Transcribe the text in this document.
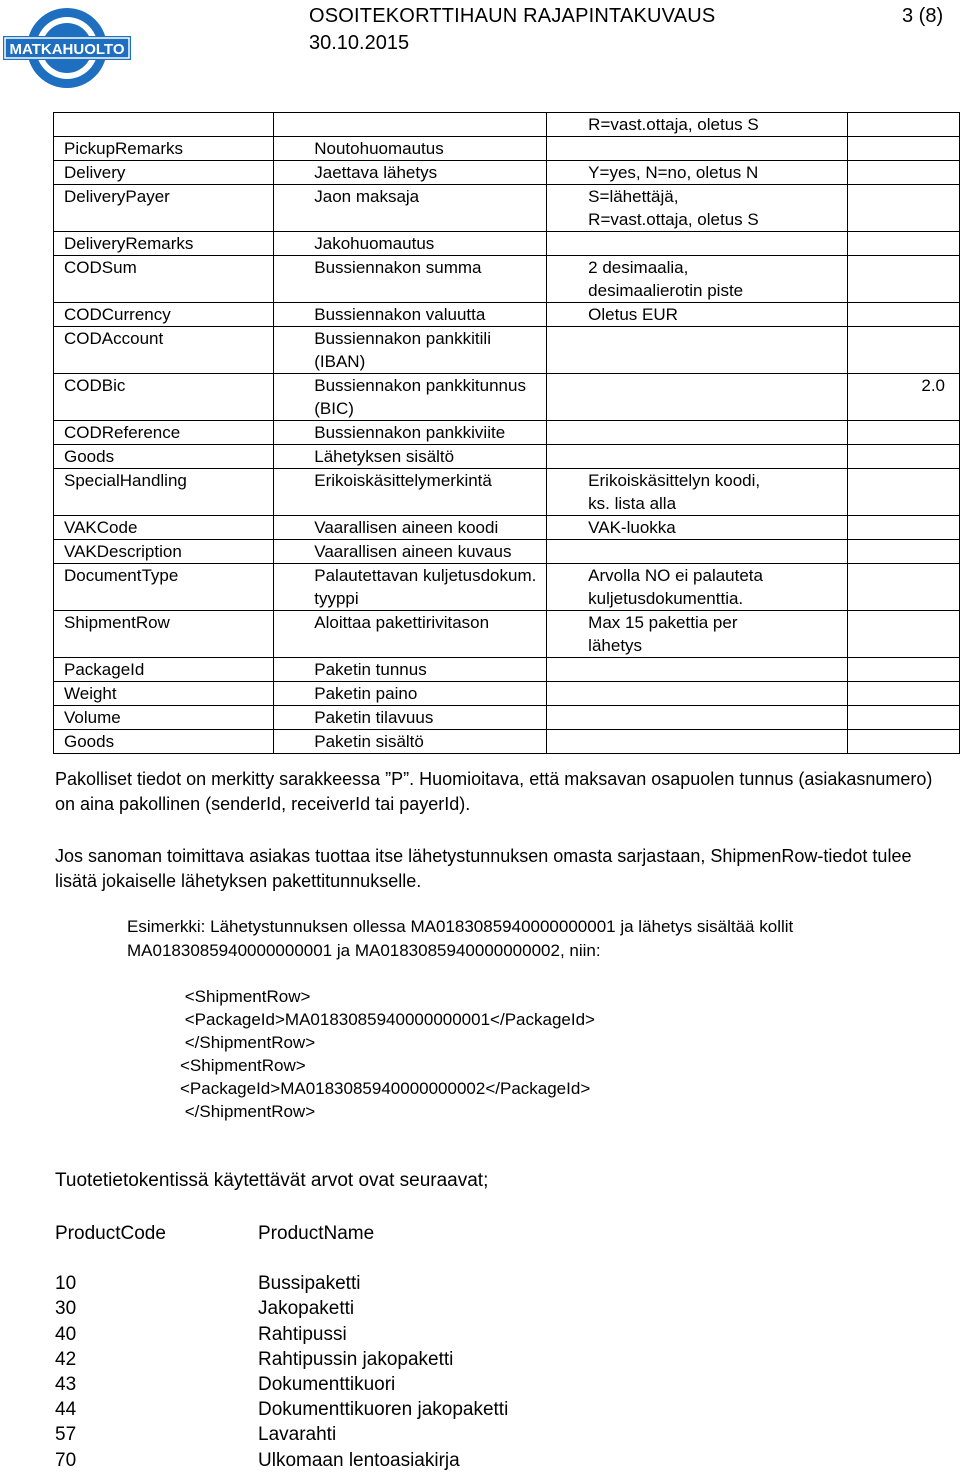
MATKAHUOLTO
OSOITEKORTTIHAUN RAJAPINTAKUVAUS
30.10.2015
3 (8)
		R=vast.ottaja, oletus S	
PickupRemarks	Noutohuomautus		
Delivery	Jaettava lähetys	Y=yes, N=no, oletus N	
DeliveryPayer	Jaon maksaja	S=lähettäjä,
R=vast.ottaja, oletus S	
DeliveryRemarks	Jakohuomautus		
CODSum	Bussiennakon summa	2 desimaalia,
desimaalierotin piste	
CODCurrency	Bussiennakon valuutta	Oletus EUR	
CODAccount	Bussiennakon pankkitili (IBAN)		
CODBic	Bussiennakon pankkitunnus (BIC)		2.0
CODReference	Bussiennakon pankkiviite		
Goods	Lähetyksen sisältö		
SpecialHandling	Erikoiskäsittelymerkintä	Erikoiskäsittelyn koodi,
ks. lista alla	
VAKCode	Vaarallisen aineen koodi	VAK-luokka	
VAKDescription	Vaarallisen aineen kuvaus		
DocumentType	Palautettavan kuljetusdokum. tyyppi	Arvolla NO ei palauteta
kuljetusdokumenttia.	
ShipmentRow	Aloittaa pakettirivitason	Max 15 pakettia per
lähetys	
PackageId	Paketin tunnus		
Weight	Paketin paino		
Volume	Paketin tilavuus		
Goods	Paketin sisältö		
Pakolliset tiedot on merkitty sarakkeessa ”P”. Huomioitava, että maksavan osapuolen tunnus (asiakasnumero) on aina pakollinen (senderId, receiverId tai payerId).
Jos sanoman toimittava asiakas tuottaa itse lähetystunnuksen omasta sarjastaan, ShipmenRow-tiedot tulee lisätä jokaiselle lähetyksen pakettitunnukselle.
Esimerkki: Lähetystunnuksen ollessa MA0183085940000000001 ja lähetys sisältää kollit MA0183085940000000001 ja MA0183085940000000002, niin:
<ShipmentRow>
<PackageId>MA0183085940000000001</PackageId>
</ShipmentRow>
<ShipmentRow>
<PackageId>MA0183085940000000002</PackageId>
</ShipmentRow>
Tuotetietokentissä käytettävät arvot ovat seuraavat;
ProductCode	ProductName
10	Bussipaketti
30	Jakopaketti
40	Rahtipussi
42	Rahtipussin jakopaketti
43	Dokumenttikuori
44	Dokumenttikuoren jakopaketti
57	Lavarahti
70	Ulkomaan lentoasiakirja
